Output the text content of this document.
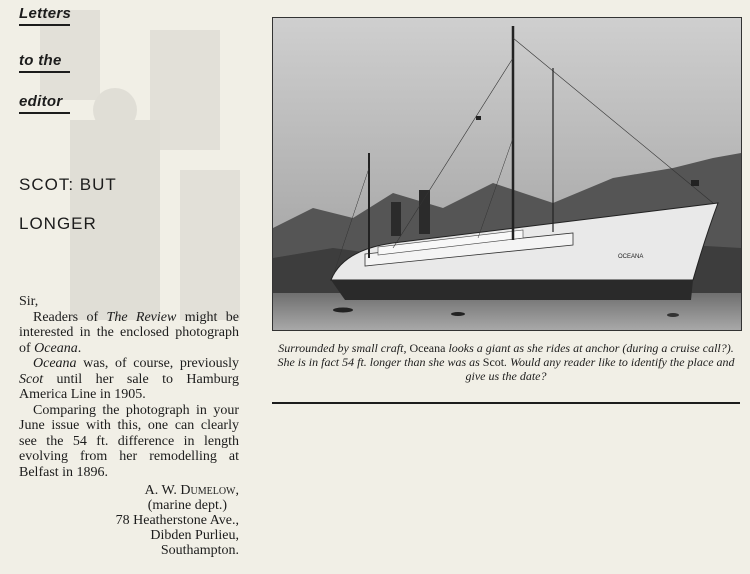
Letters
to the
editor
SCOT: BUT
LONGER

Sir,

Readers of The Review might be interested in the enclosed photograph of Oceana.

Oceana was, of course, previously Scot until her sale to Hamburg America Line in 1905.

Comparing the photograph in your June issue with this, one can clearly see the 54 ft. difference in length evolving from her remodelling at Belfast in 1896.

A. W. Dumelow,
(marine dept.)
78 Heatherstone Ave.,
Dibden Purlieu,
Southampton.
OCEANA
Surrounded by small craft, Oceana looks a giant as she rides at anchor (during a cruise call?). She is in fact 54 ft. longer than she was as Scot. Would any reader like to identify the place and give us the date?
